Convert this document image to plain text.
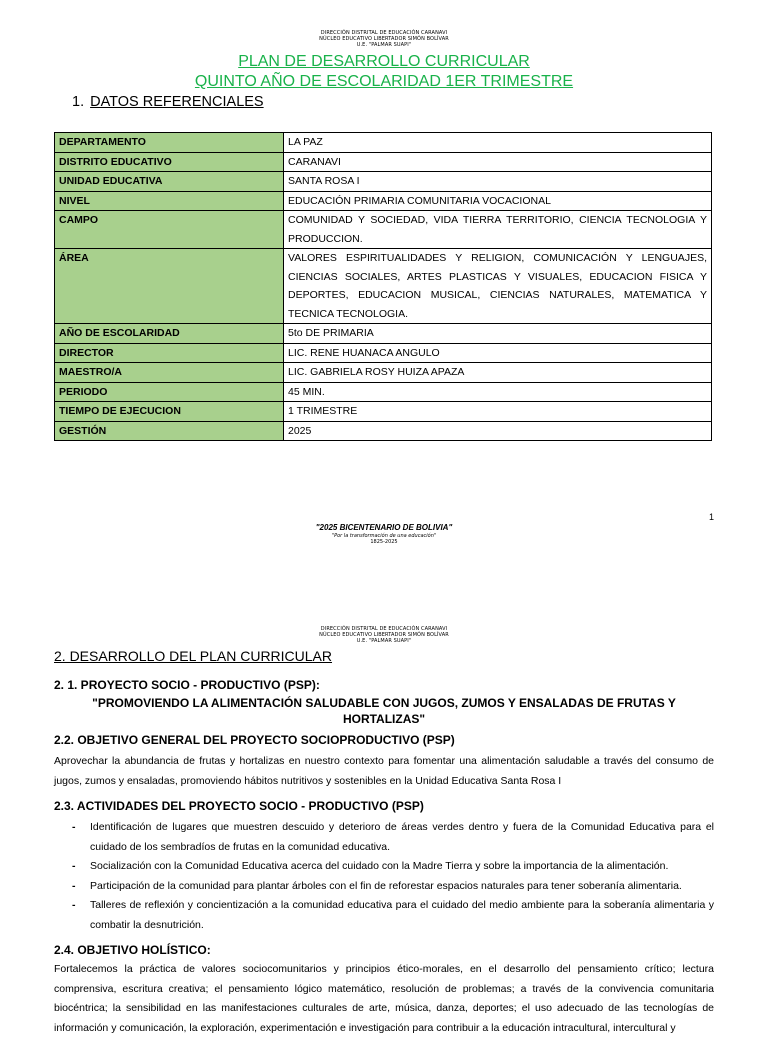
DIRECCIÓN DISTRITAL DE EDUCACIÓN CARANAVI
NÚCLEO EDUCATIVO LIBERTADOR SIMÓN BOLÍVAR
U.E. "PALMAR SUAPI"
PLAN DE DESARROLLO CURRICULAR
QUINTO AÑO DE ESCOLARIDAD 1ER TRIMESTRE
1. DATOS REFERENCIALES
DEPARTAMENTO	LA PAZ
DISTRITO EDUCATIVO	CARANAVI
UNIDAD EDUCATIVA	SANTA ROSA I
NIVEL	EDUCACIÓN PRIMARIA COMUNITARIA VOCACIONAL
CAMPO	COMUNIDAD Y SOCIEDAD, VIDA TIERRA TERRITORIO, CIENCIA TECNOLOGIA Y PRODUCCION.
ÁREA	VALORES ESPIRITUALIDADES Y RELIGION, COMUNICACIÓN Y LENGUAJES, CIENCIAS SOCIALES, ARTES PLASTICAS Y VISUALES, EDUCACION FISICA Y DEPORTES, EDUCACION MUSICAL, CIENCIAS NATURALES, MATEMATICA Y TECNICA TECNOLOGIA.
AÑO DE ESCOLARIDAD	5to DE PRIMARIA
DIRECTOR	LIC. RENE HUANACA ANGULO
MAESTRO/A	LIC. GABRIELA ROSY HUIZA APAZA
PERIODO	45 MIN.
TIEMPO DE EJECUCION	1 TRIMESTRE
GESTIÓN	2025
1
"2025 BICENTENARIO DE BOLIVIA"
"Por la transformación de una educación"
1825-2025
DIRECCIÓN DISTRITAL DE EDUCACIÓN CARANAVI
NÚCLEO EDUCATIVO LIBERTADOR SIMÓN BOLÍVAR
U.E. "PALMAR SUAPI"
2. DESARROLLO DEL PLAN CURRICULAR
2. 1. PROYECTO SOCIO - PRODUCTIVO (PSP):
"PROMOVIENDO LA ALIMENTACIÓN SALUDABLE CON JUGOS, ZUMOS Y ENSALADAS DE FRUTAS Y HORTALIZAS"
2.2. OBJETIVO GENERAL DEL PROYECTO SOCIOPRODUCTIVO (PSP)
Aprovechar la abundancia de frutas y hortalizas en nuestro contexto para fomentar una alimentación saludable a través del consumo de jugos, zumos y ensaladas, promoviendo hábitos nutritivos y sostenibles en la Unidad Educativa Santa Rosa I
2.3. ACTIVIDADES DEL PROYECTO SOCIO - PRODUCTIVO (PSP)
- Identificación de lugares que muestren descuido y deterioro de áreas verdes dentro y fuera de la Comunidad Educativa para el cuidado de los sembradíos de frutas en la comunidad educativa.
- Socialización con la Comunidad Educativa acerca del cuidado con la Madre Tierra y sobre la importancia de la alimentación.
- Participación de la comunidad para plantar árboles con el fin de reforestar espacios naturales para tener soberanía alimentaria.
- Talleres de reflexión y concientización a la comunidad educativa para el cuidado del medio ambiente para la soberanía alimentaria y combatir la desnutrición.
2.4. OBJETIVO HOLÍSTICO:
Fortalecemos la práctica de valores sociocomunitarios y principios ético-morales, en el desarrollo del pensamiento crítico; lectura comprensiva, escritura creativa; el pensamiento lógico matemático, resolución de problemas; a través de la convivencia comunitaria biocéntrica; la sensibilidad en las manifestaciones culturales de arte, música, danza, deportes; el uso adecuado de las tecnologías de información y comunicación, la exploración, experimentación e investigación para contribuir a la educación intracultural, intercultural y
